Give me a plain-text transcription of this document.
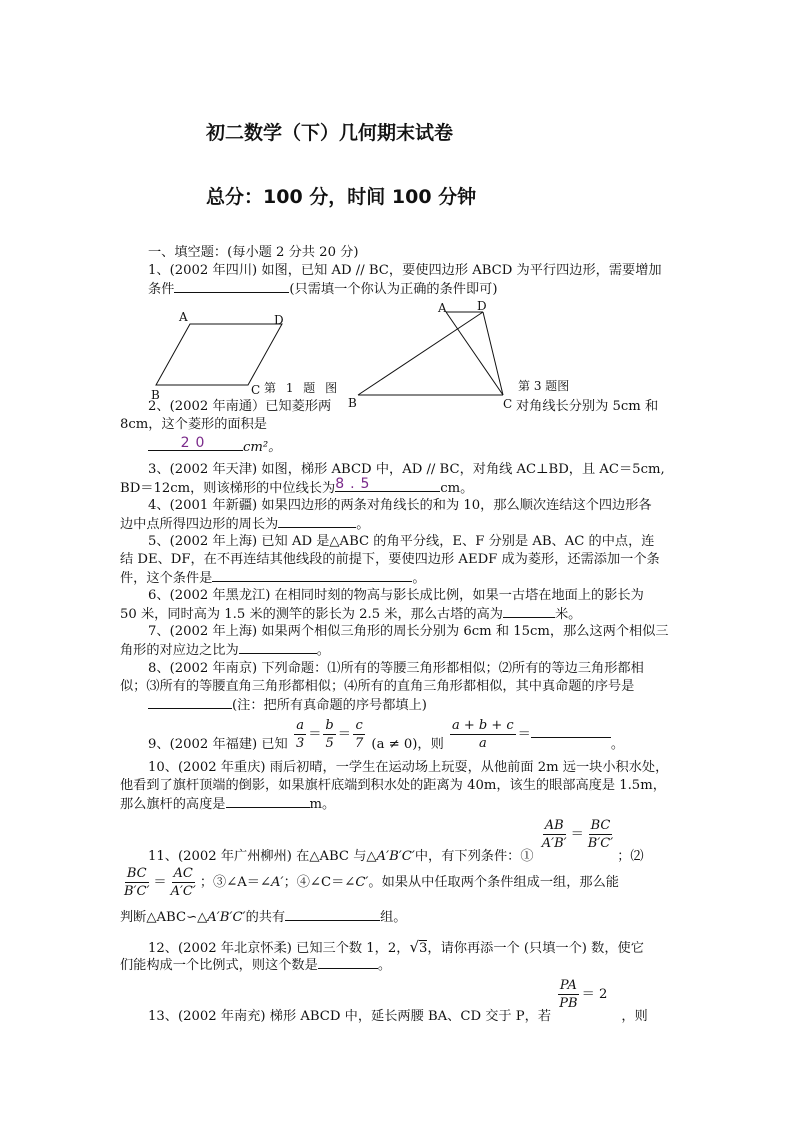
初二数学（下）几何期末试卷
总分：100 分，时间 100 分钟
一、填空题：(每小题 2 分共 20 分)
1、(2002 年四川) 如图，已知 AD // BC，要使四边形 ABCD 为平行四边形，需要增加
条件	(只需填一个你认为正确的条件即可)
A	D
B	C 第 1 题 图
A	D
B	C
第 3 题图
2、(2002 年南通）已知菱形两	对角线长分别为 5cm 和
8cm，这个菱形的面积是
20 cm²。
3、(2002 年天津) 如图，梯形 ABCD 中，AD // BC，对角线 AC⊥BD，且 AC＝5cm,
BD＝12cm，则该梯形的中位线长为8.5	cm。
4、(2001 年新疆) 如果四边形的两条对角线长的和为 10，那么顺次连结这个四边形各
边中点所得四边形的周长为	。
5、(2002 年上海) 已知 AD 是△ABC 的角平分线，E、F 分别是 AB、AC 的中点，连
结 DE、DF，在不再连结其他线段的前提下，要使四边形 AEDF 成为菱形，还需添加一个条
件，这个条件是	。
6、(2002 年黑龙江) 在相同时刻的物高与影长成比例，如果一古塔在地面上的影长为
50 米，同时高为 1.5 米的测竿的影长为 2.5 米，那么古塔的高为	米。
7、(2002 年上海) 如果两个相似三角形的周长分别为 6cm 和 15cm，那么这两个相似三
角形的对应边之比为	。
8、(2002 年南京) 下列命题：⑴所有的等腰三角形都相似；⑵所有的等边三角形都相
似；⑶所有的等腰直角三角形都相似；⑷所有的直角三角形都相似，其中真命题的序号是
(注：把所有真命题的序号都填上)
9、(2002 年福建) 已知 $\frac{a}{3} = \frac{b}{5} = \frac{c}{7} (a \ne 0)$，则 $\frac{a + b + c}{a}$ ＝。
10、(2002 年重庆) 雨后初晴，一学生在运动场上玩耍，从他前面 2m 远一块小积水处，
他看到了旗杆顶端的倒影，如果旗杆底端到积水处的距离为 40m，该生的眼部高度是 1.5m，
那么旗杆的高度是	m。
11、(2002 年广州柳州) 在△ABC 与△A′B′C′中，有下列条件：①
$\frac{AB}{A'B'} = \frac{BC}{B'C'}$
；⑵
$\frac{BC}{B'C'} = \frac{AC}{A'C'}$ ；③∠A＝∠A′；④∠C＝∠C′。如果从中任取两个条件组成一组，那么能
判断△ABC∽△A′B′C′的共有	组。
12、(2002 年北京怀柔) 已知三个数 1，2，√3，请你再添一个 (只填一个) 数，使它
们能构成一个比例式，则这个数是	。
13、(2002 年南充) 梯形 ABCD 中，延长两腰 BA、CD 交于 P，若
$\frac{PA}{PB} = 2$，则
